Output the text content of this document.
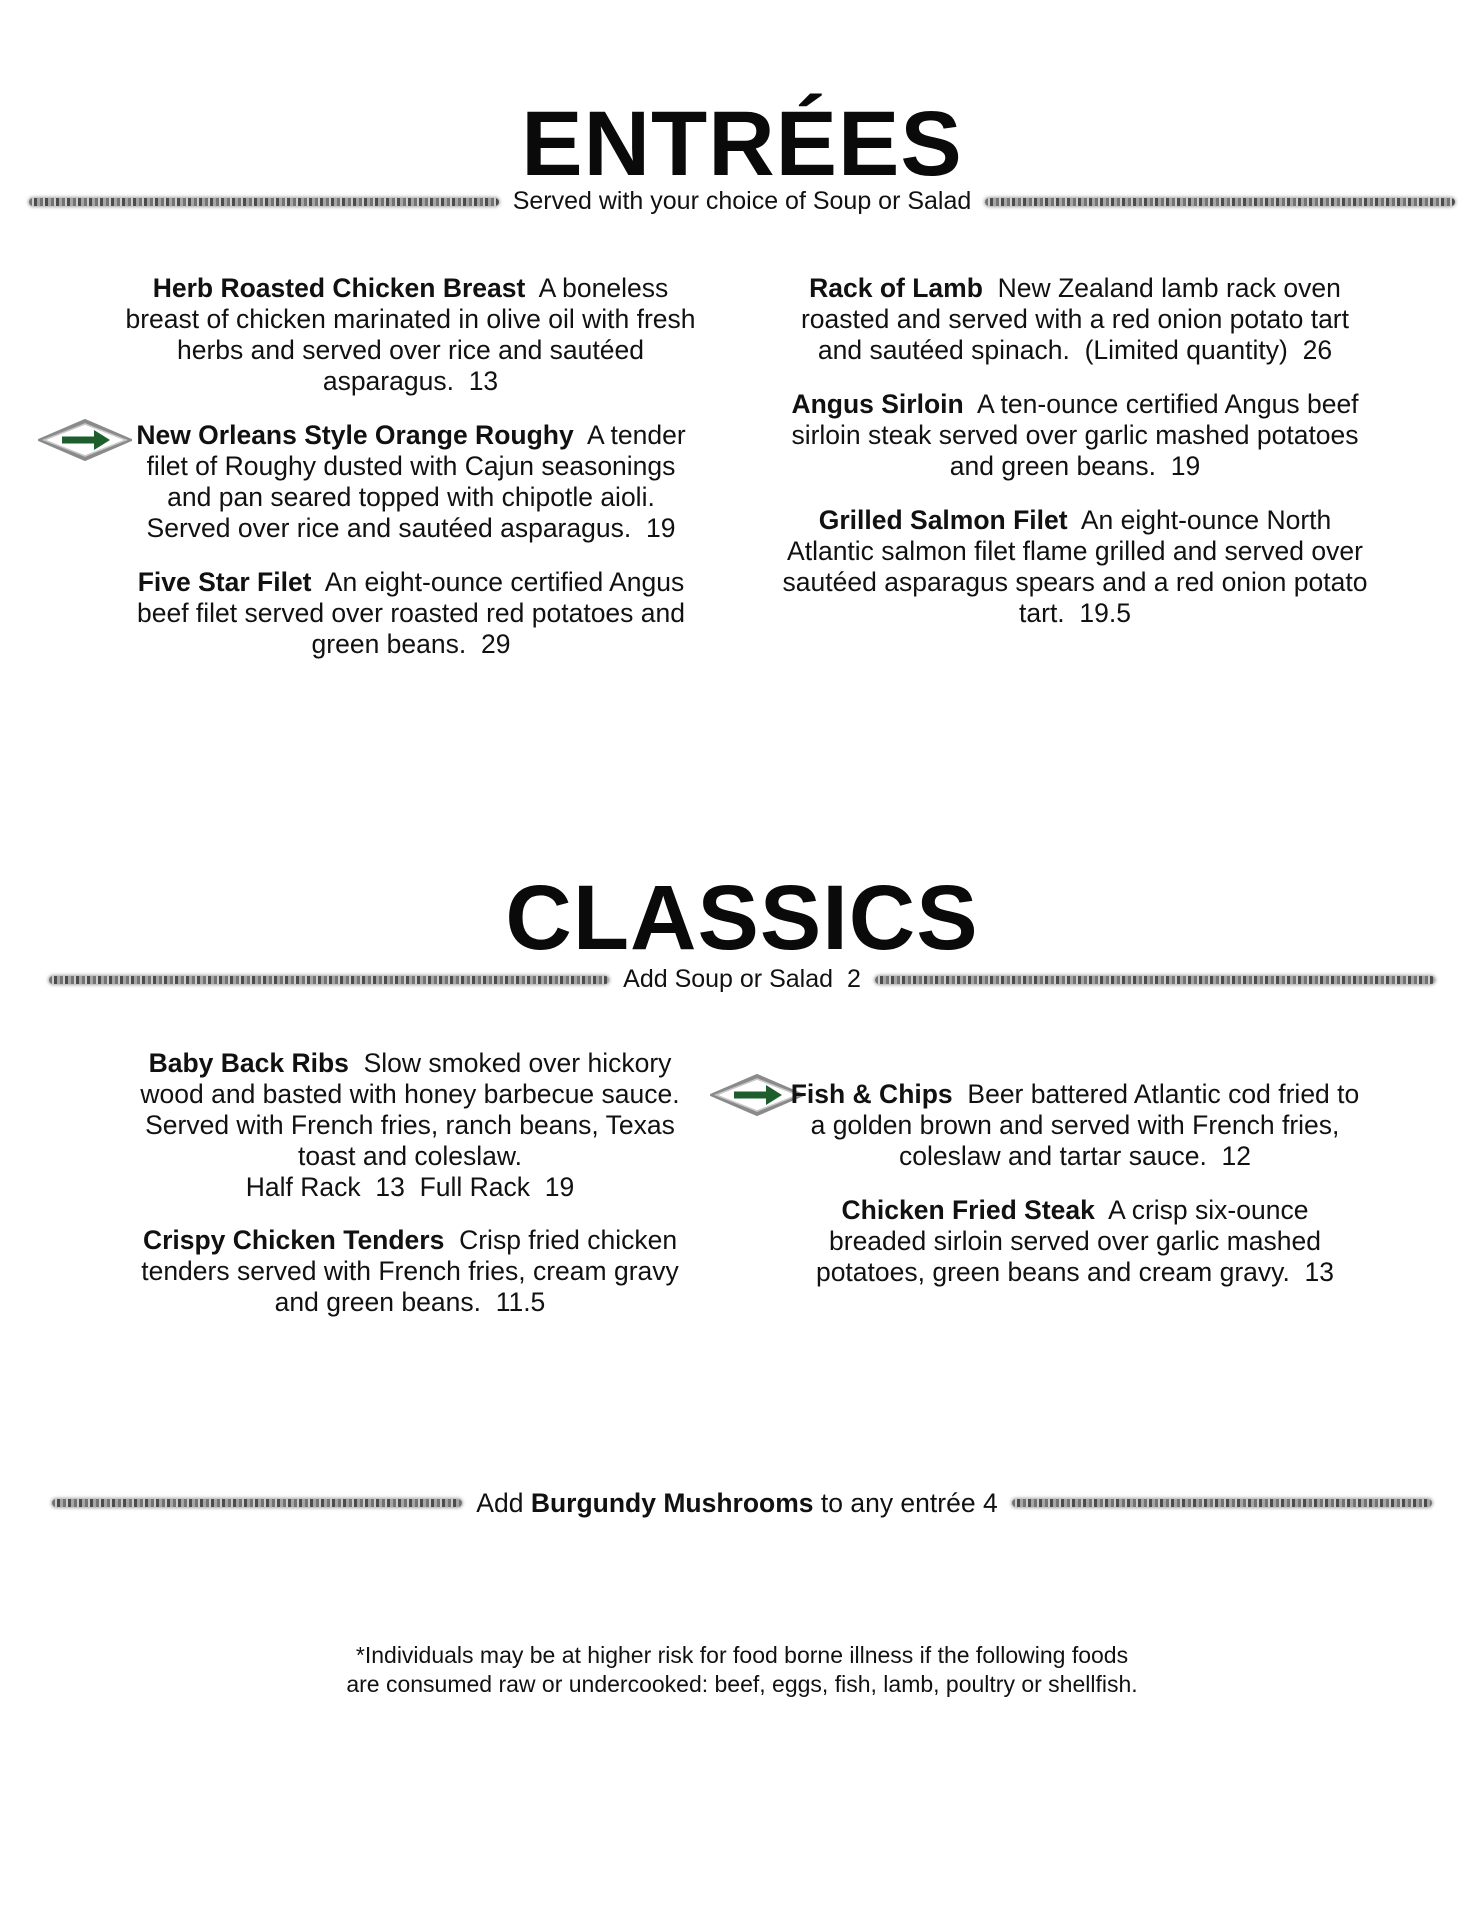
ENTRÉES
Served with your choice of Soup or Salad
Herb Roasted Chicken Breast A boneless breast of chicken marinated in olive oil with fresh herbs and served over rice and sautéed asparagus. 13
New Orleans Style Orange Roughy A tender filet of Roughy dusted with Cajun seasonings and pan seared topped with chipotle aioli. Served over rice and sautéed asparagus. 19
Five Star Filet An eight-ounce certified Angus beef filet served over roasted red potatoes and green beans. 29
Rack of Lamb New Zealand lamb rack oven roasted and served with a red onion potato tart and sautéed spinach. (Limited quantity) 26
Angus Sirloin A ten-ounce certified Angus beef sirloin steak served over garlic mashed potatoes and green beans. 19
Grilled Salmon Filet An eight-ounce North Atlantic salmon filet flame grilled and served over sautéed asparagus spears and a red onion potato tart. 19.5
CLASSICS
Add Soup or Salad 2
Baby Back Ribs Slow smoked over hickory wood and basted with honey barbecue sauce. Served with French fries, ranch beans, Texas toast and coleslaw.
Half Rack  13  Full Rack  19
Crispy Chicken Tenders Crisp fried chicken tenders served with French fries, cream gravy and green beans. 11.5
Fish & Chips Beer battered Atlantic cod fried to a golden brown and served with French fries, coleslaw and tartar sauce. 12
Chicken Fried Steak A crisp six-ounce breaded sirloin served over garlic mashed potatoes, green beans and cream gravy. 13
Add Burgundy Mushrooms to any entrée 4
*Individuals may be at higher risk for food borne illness if the following foods
are consumed raw or undercooked: beef, eggs, fish, lamb, poultry or shellfish.
